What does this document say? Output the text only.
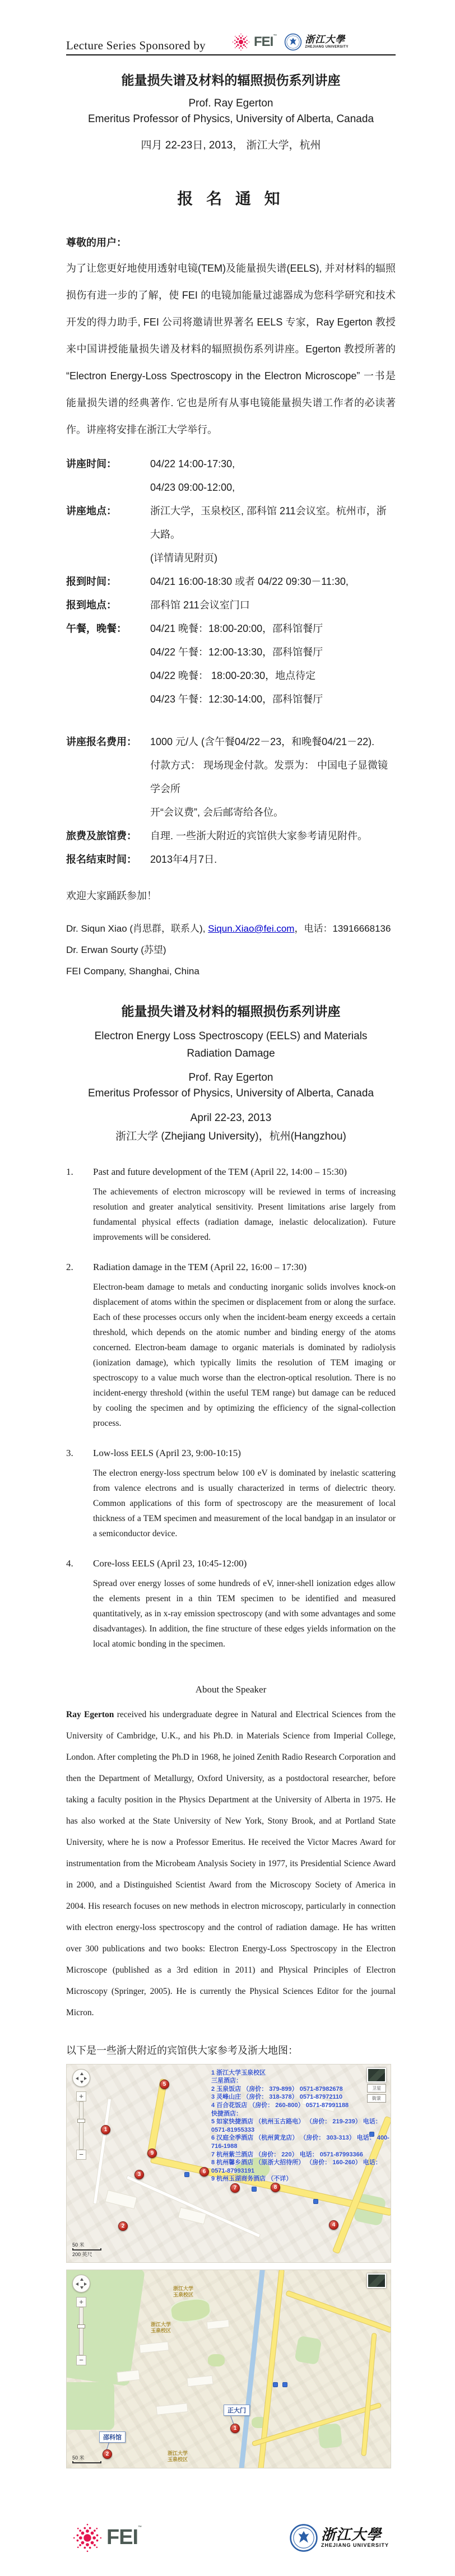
Lecture Series Sponsored by	FEI™	浙江大學
ZHEJIANG UNIVERSITY
能量损失谱及材料的辐照损伤系列讲座
Prof. Ray Egerton
Emeritus Professor of Physics, University of Alberta, Canada
四月 22-23日, 2013， 浙江大学，杭州
报 名 通 知
尊敬的用户：
为了让您更好地使用透射电镜(TEM)及能量损失谱(EELS), 并对材料的辐照损伤有进一步的了解，使 FEI 的电镜加能量过滤器成为您科学研究和技术开发的得力助手, FEI 公司将邀请世界著名 EELS 专家，Ray Egerton 教授来中国讲授能量损失谱及材料的辐照损伤系列讲座。Egerton 教授所著的 “Electron Energy-Loss Spectroscopy in the Electron Microscope” 一书是能量损失谱的经典著作. 它也是所有从事电镜能量损失谱工作者的必读著作。讲座将安排在浙江大学举行。
讲座时间：	04/22 14:00-17:30,
04/23 09:00-12:00,
讲座地点：	浙江大学，玉泉校区, 邵科馆 211会议室。杭州市，浙大路。
(详情请见附页)
报到时间：	04/21 16:00-18:30 或者 04/22 09:30－11:30,
报到地点：	邵科馆 211会议室门口
午餐，晚餐：	04/21 晚餐：18:00-20:00，邵科馆餐厅
04/22 午餐：12:00-13:30，邵科馆餐厅
04/22 晚餐： 18:00-20:30，地点待定
04/23 午餐：12:30-14:00，邵科馆餐厅
讲座报名费用：	1000 元/人 (含午餐04/22－23，和晚餐04/21－22).
付款方式： 现场现金付款。发票为： 中国电子显微镜学会所
开“会议费”, 会后邮寄给各位。
旅费及旅馆费：	自理. 一些浙大附近的宾馆供大家参考请见附件。
报名结束时间：	2013年4月7日.
欢迎大家踊跃参加！
Dr. Siqun Xiao (肖思群，联系人), Siqun.Xiao@fei.com，电话：13916668136
Dr. Erwan Sourty (苏望)
FEI Company, Shanghai, China
能量损失谱及材料的辐照损伤系列讲座
Electron Energy Loss Spectroscopy (EELS) and Materials Radiation Damage
Prof. Ray Egerton
Emeritus Professor of Physics, University of Alberta, Canada
April 22-23, 2013
浙江大学 (Zhejiang University)，杭州(Hangzhou)
1.	Past and future development of the TEM (April 22, 14:00 – 15:30)
The achievements of electron microscopy will be reviewed in terms of increasing resolution and greater analytical sensitivity. Present limitations arise largely from fundamental physical effects (radiation damage, inelastic delocalization). Future improvements will be considered.
2.	Radiation damage in the TEM (April 22, 16:00 – 17:30)
Electron-beam damage to metals and conducting inorganic solids involves knock-on displacement of atoms within the specimen or displacement from or along the surface. Each of these processes occurs only when the incident-beam energy exceeds a certain threshold, which depends on the atomic number and binding energy of the atoms concerned. Electron-beam damage to organic materials is dominated by radiolysis (ionization damage), which typically limits the resolution of TEM imaging or spectroscopy to a value much worse than the electron-optical resolution. There is no incident-energy threshold (within the useful TEM range) but damage can be reduced by cooling the specimen and by optimizing the efficiency of the signal-collection process.
3.	Low-loss EELS (April 23, 9:00-10:15)
The electron energy-loss spectrum below 100 eV is dominated by inelastic scattering from valence electrons and is usually characterized in terms of dielectric theory. Common applications of this form of spectroscopy are the measurement of local thickness of a TEM specimen and measurement of the local bandgap in an insulator or a semiconductor device.
4.	Core-loss EELS (April 23, 10:45-12:00)
Spread over energy losses of some hundreds of eV, inner-shell ionization edges allow the elements present in a thin TEM specimen to be identified and measured quantitatively, as in x-ray emission spectroscopy (and with some advantages and some disadvantages). In addition, the fine structure of these edges yields information on the local atomic bonding in the specimen.
About the Speaker
Ray Egerton received his undergraduate degree in Natural and Electrical Sciences from the University of Cambridge, U.K., and his Ph.D. in Materials Science from Imperial College, London. After completing the Ph.D in 1968, he joined Zenith Radio Research Corporation and then the Department of Metallurgy, Oxford University, as a postdoctoral researcher, before taking a faculty position in the Physics Department at the University of Alberta in 1975. He has also worked at the State University of New York, Stony Brook, and at Portland State University, where he is now a Professor Emeritus. He received the Victor Macres Award for instrumentation from the Microbeam Analysis Society in 1977, its Presidential Science Award in 2000, and a Distinguished Scientist Award from the Microscopy Society of America in 2004. His research focuses on new methods in electron microscopy, particularly in connection with electron energy-loss spectroscopy and the control of radiation damage. He has written over 300 publications and two books: Electron Energy-Loss Spectroscopy in the Electron Microscope (published as a 3rd edition in 2011) and Physical Principles of Electron Microscopy (Springer, 2005). He is currently the Physical Sciences Editor for the journal Micron.
以下是一些浙大附近的宾馆供大家参考及浙大地图：
1 浙江大学玉泉校区
三星酒店：
2 玉泉饭店 （房价： 379-899） 0571-87982678
3 灵峰山庄 （房价： 318-378） 0571-87972110
4 百合花饭店 （房价： 260-800） 0571-87991188
快捷酒店：
5 如家快捷酒店 （杭州玉古路电） （房价： 219-239） 电话： 0571-81955333
6 汉庭全季酒店 （杭州黄龙店） （房价： 303-313） 电话： 400-716-1988
7 杭州紫兰酒店 （房价： 220） 电话： 0571-87993366
8 杭州馨乡酒店 （原浙大招待所） （房价： 160-260） 电话： 0571-87993191
9 杭州玉湖商务酒店 （不详）
1
2
3
4
5
6
7	8
9
+
−
卫星
街景
50 米
200 英尺
浙江大学
玉泉校区
浙江大学
玉泉校区
浙江大学
玉泉校区
正大门
1
邵科馆
2
+
−
50 米
FEI™	浙江大學
ZHEJIANG UNIVERSITY
